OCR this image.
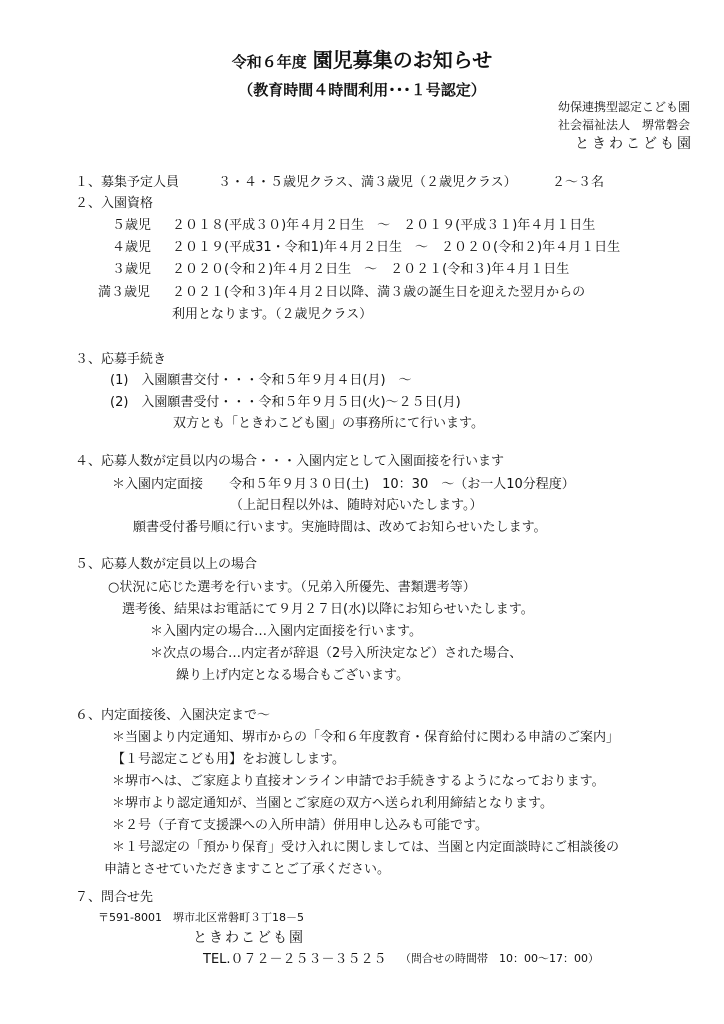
令和６年度 園児募集のお知らせ
（教育時間４時間利用･･･１号認定）
幼保連携型認定こども園
社会福祉法人　堺常磐会
ときわこども園
１、募集予定人員	３・４・５歳児クラス、満３歳児（２歳児クラス）	２～３名
２、入園資格
５歳児 ２０１８(平成３０)年４月２日生　～　２０１９(平成３１)年４月１日生
４歳児 ２０１９(平成31・令和1)年４月２日生　～　２０２０(令和２)年４月１日生
３歳児 ２０２０(令和２)年４月２日生　～　２０２１(令和３)年４月１日生
満３歳児 ２０２１(令和３)年４月２日以降、満３歳の誕生日を迎えた翌月からの
利用となります。（２歳児クラス）
３、応募手続き
(1)　入園願書交付・・・令和５年９月４日(月)　～
(2)　入園願書受付・・・令和５年９月５日(火)～２５日(月)
双方とも「ときわこども園」の事務所にて行います。
４、応募人数が定員以内の場合・・・入園内定として入園面接を行います
＊入園内定面接　　令和５年９月３０日(土)　10：30　～（お一人10分程度）
（上記日程以外は、随時対応いたします。）
願書受付番号順に行います。実施時間は、改めてお知らせいたします。
５、応募人数が定員以上の場合
○状況に応じた選考を行います。（兄弟入所優先、書類選考等）
選考後、結果はお電話にて９月２７日(水)以降にお知らせいたします。
＊入園内定の場合…入園内定面接を行います。
＊次点の場合…内定者が辞退（2号入所決定など）された場合、
繰り上げ内定となる場合もございます。
６、内定面接後、入園決定まで～
＊当園より内定通知、堺市からの「令和６年度教育・保育給付に関わる申請のご案内」
【１号認定こども用】をお渡しします。
＊堺市へは、ご家庭より直接オンライン申請でお手続きするようになっております。
＊堺市より認定通知が、当園とご家庭の双方へ送られ利用締結となります。
＊２号（子育て支援課への入所申請）併用申し込みも可能です。
＊１号認定の「預かり保育」受け入れに関しましては、当園と内定面談時にご相談後の
申請とさせていただきますことご了承ください。
７、問合せ先
〒591-8001　堺市北区常磐町３丁18－5
ときわこども園
TEL.０７２－２５３－３５２５ （問合せの時間帯　10：00～17：00）
